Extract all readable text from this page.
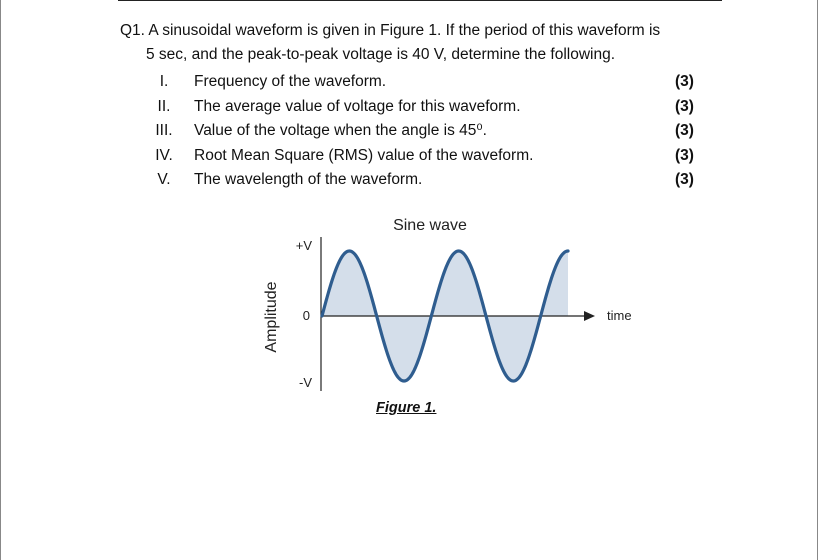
Q1. A sinusoidal waveform is given in Figure 1. If the period of this waveform is
5 sec, and the peak-to-peak voltage is 40 V, determine the following.
I.	Frequency of the waveform.	(3)
II.	The average value of voltage for this waveform.	(3)
III.	Value of the voltage when the angle is 45⁰.	(3)
IV.	Root Mean Square (RMS) value of the waveform.	(3)
V.	The wavelength of the waveform.	(3)
Sine wave
Amplitude
+V
0
-V
time
Figure 1.
